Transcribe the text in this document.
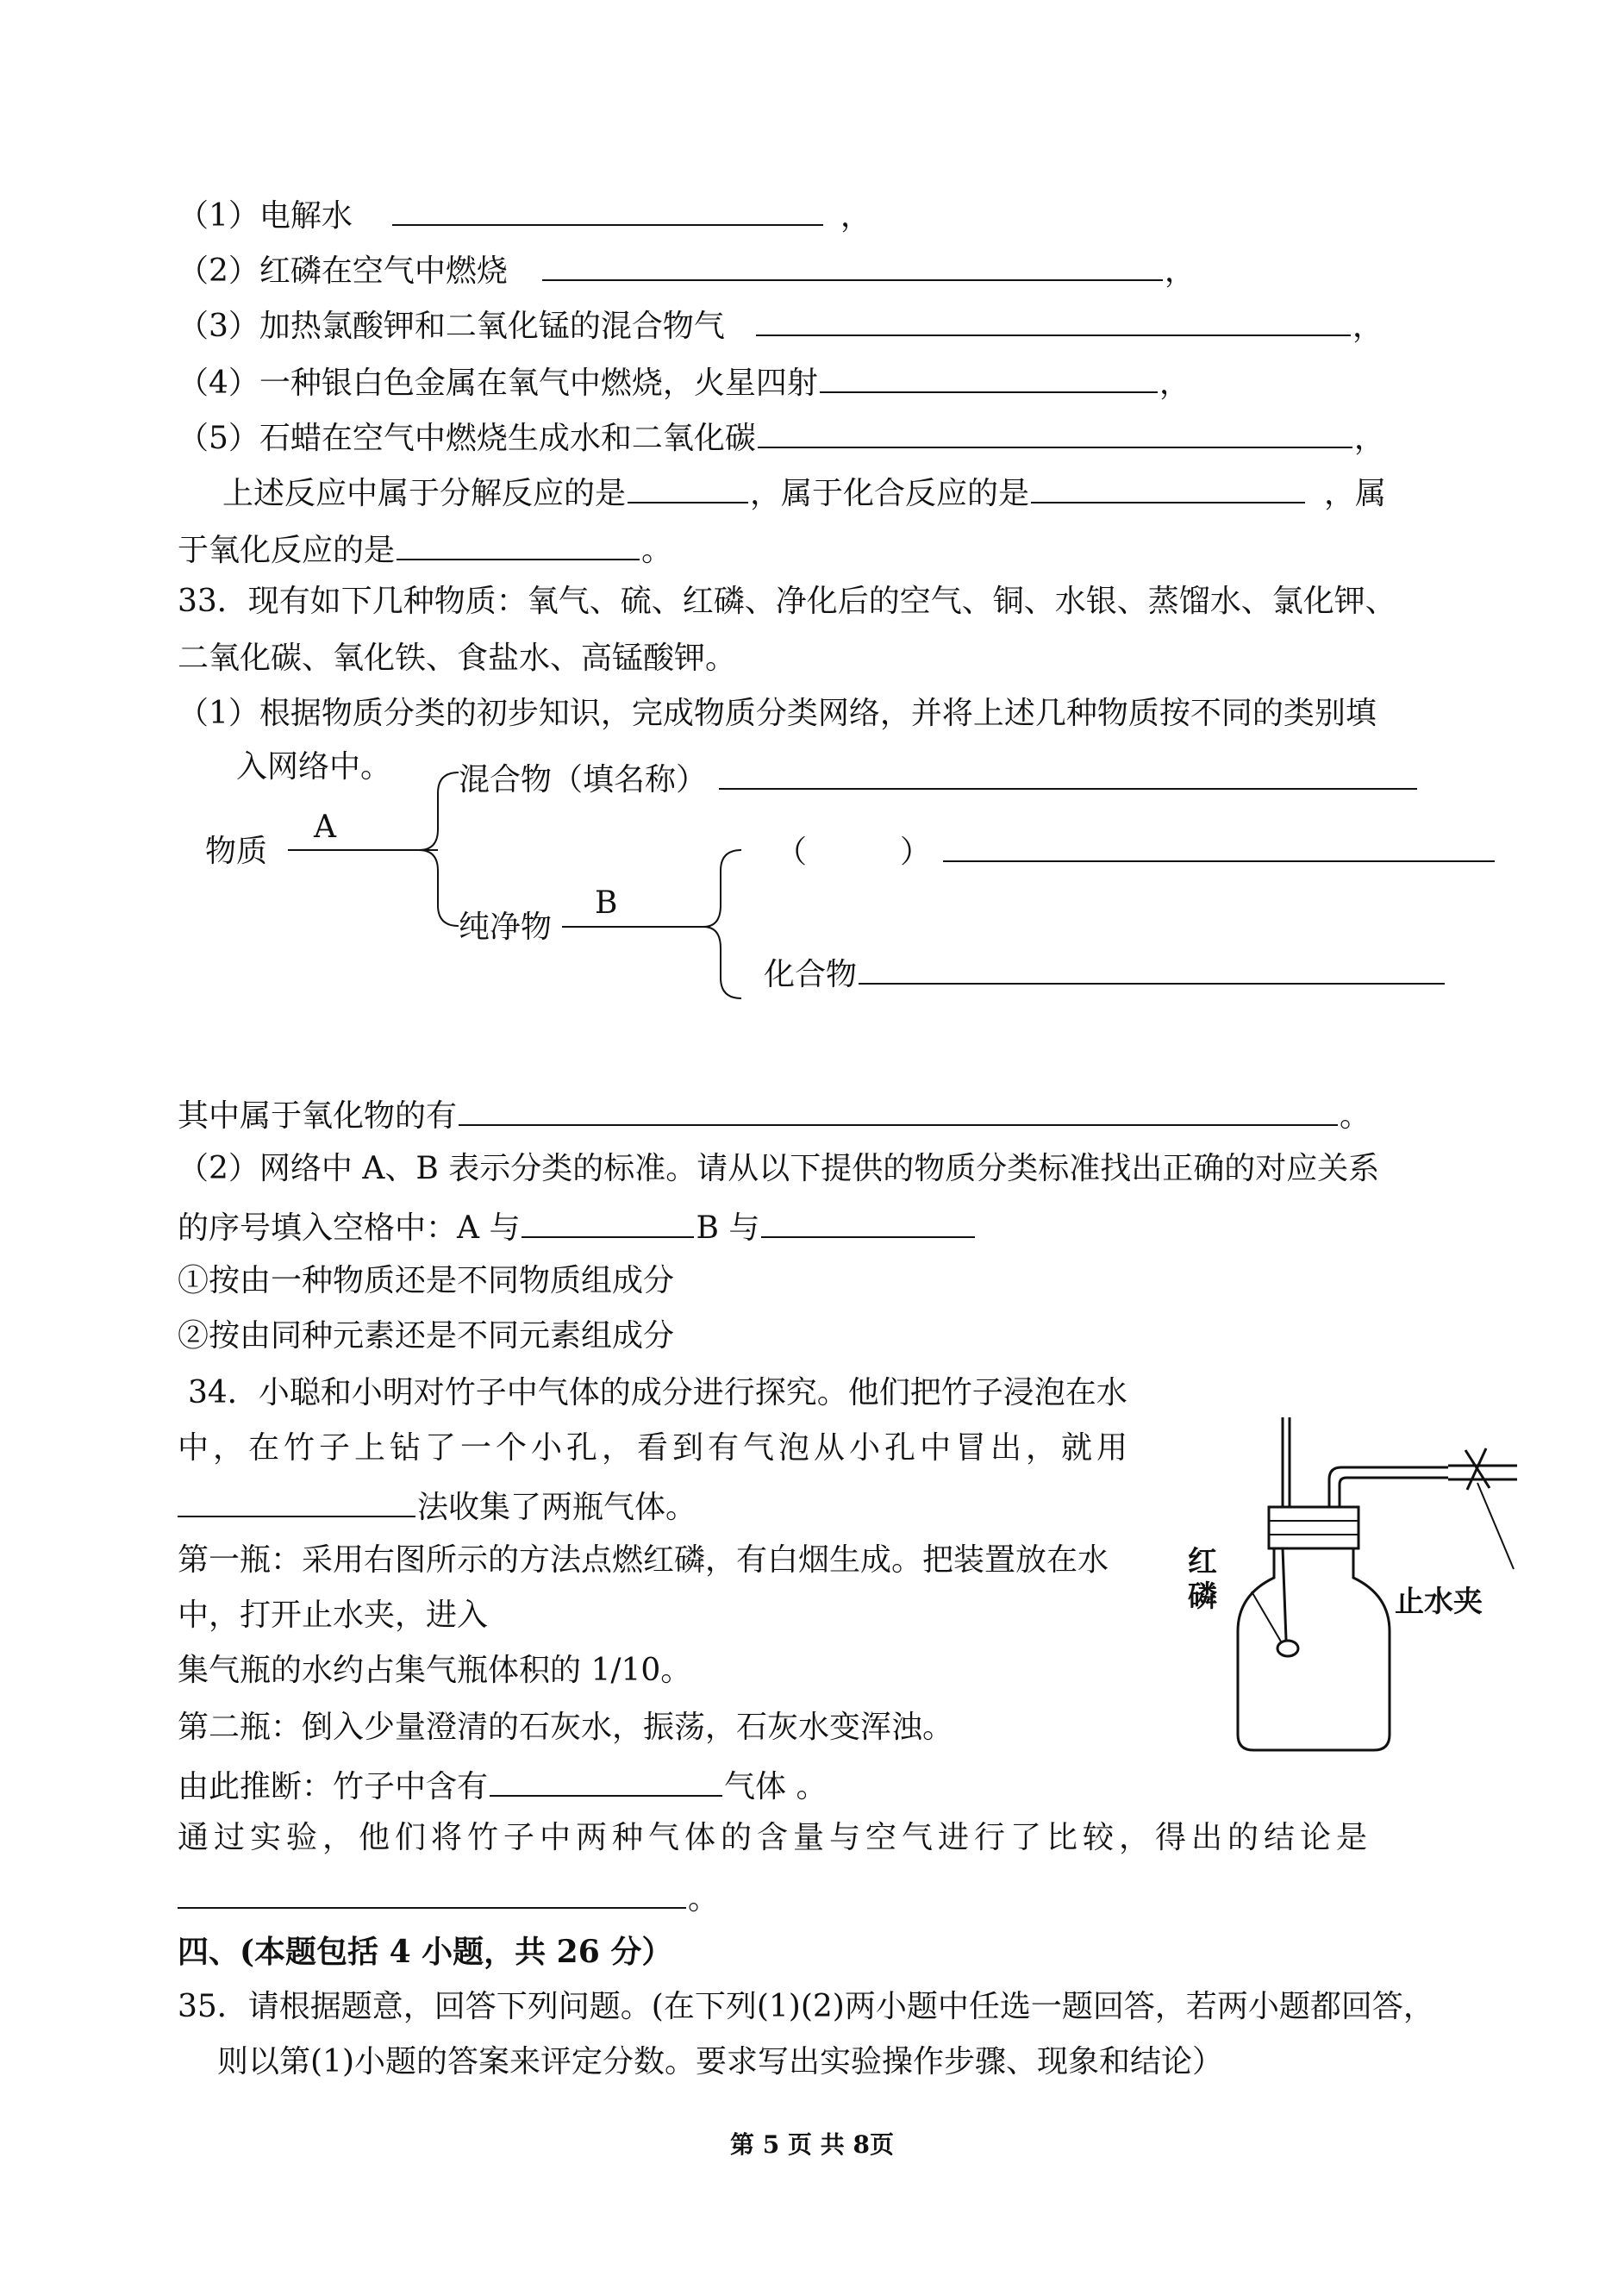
（1）电解水	，
（2）红磷在空气中燃烧	，
（3）加热氯酸钾和二氧化锰的混合物气	，
（4）一种银白色金属在氧气中燃烧，火星四射	，
（5）石蜡在空气中燃烧生成水和二氧化碳	，
上述反应中属于分解反应的是	，属于化合反应的是	，属
于氧化反应的是	。
33．现有如下几种物质：氧气、硫、红磷、净化后的空气、铜、水银、蒸馏水、氯化钾、
二氧化碳、氧化铁、食盐水、高锰酸钾。
（1）根据物质分类的初步知识，完成物质分类网络，并将上述几种物质按不同的类别填
入网络中。
物质
A
混合物（填名称）
纯净物
B
（　　　）
化合物
其中属于氧化物的有	。
（2）网络中 A、B 表示分类的标准。请从以下提供的物质分类标准找出正确的对应关系
的序号填入空格中：A 与	B 与
①按由一种物质还是不同物质组成分
②按由同种元素还是不同元素组成分
34．小聪和小明对竹子中气体的成分进行探究。他们把竹子浸泡在水
中，在竹子上钻了一个小孔，看到有气泡从小孔中冒出，就用
法收集了两瓶气体。
第一瓶：采用右图所示的方法点燃红磷，有白烟生成。把装置放在水
中，打开止水夹，进入
集气瓶的水约占集气瓶体积的 1/10。
第二瓶：倒入少量澄清的石灰水，振荡，石灰水变浑浊。
由此推断：竹子中含有	气体 。
通过实验，他们将竹子中两种气体的含量与空气进行了比较，得出的结论是
。
红磷	止水夹
四、(本题包括 4 小题，共 26 分）
35．请根据题意，回答下列问题。(在下列(1)(2)两小题中任选一题回答，若两小题都回答，
则以第(1)小题的答案来评定分数。要求写出实验操作步骤、现象和结论）
第 5 页 共 8页
